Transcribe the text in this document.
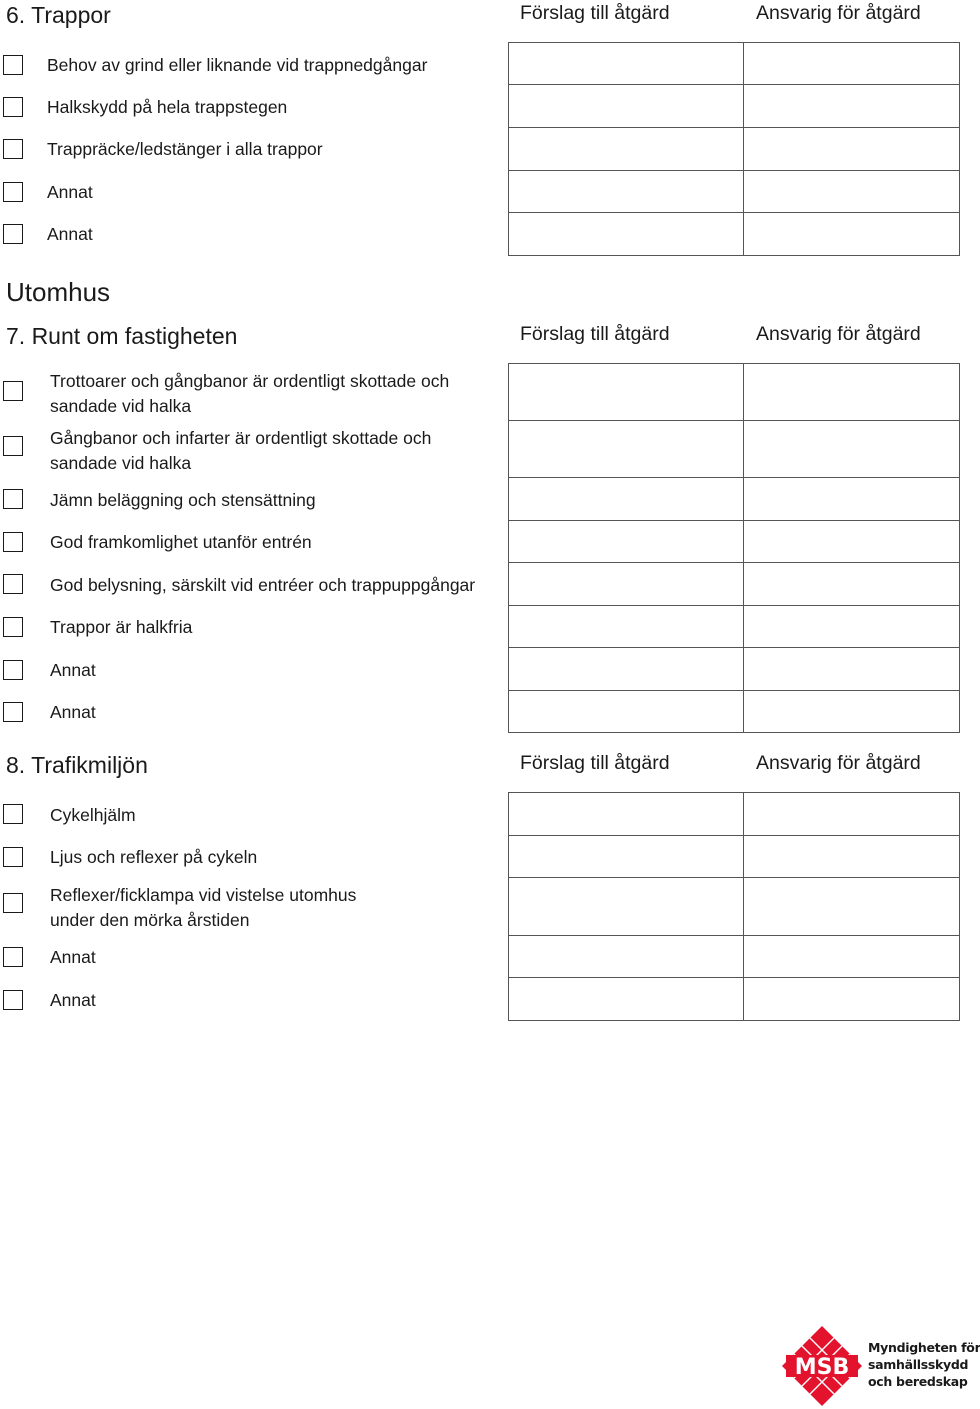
6. Trappor	Förslag till åtgärd	Ansvarig för åtgärd
Behov av grind eller liknande vid trappnedgångar
Halkskydd på hela trappstegen
Trappräcke/ledstänger i alla trappor
Annat
Annat

Utomhus
7. Runt om fastigheten	Förslag till åtgärd	Ansvarig för åtgärd
Trottoarer och gångbanor är ordentligt skottade och
sandade vid halka
Gångbanor och infarter är ordentligt skottade och
sandade vid halka
Jämn beläggning och stensättning
God framkomlighet utanför entrén
God belysning, särskilt vid entréer och trappuppgångar
Trappor är halkfria
Annat
Annat

8. Trafikmiljön	Förslag till åtgärd	Ansvarig för åtgärd
Cykelhjälm
Ljus och reflexer på cykeln
Reflexer/ficklampa vid vistelse utomhus
under den mörka årstiden
Annat
Annat

MSB
Myndigheten för
samhällsskydd
och beredskap
